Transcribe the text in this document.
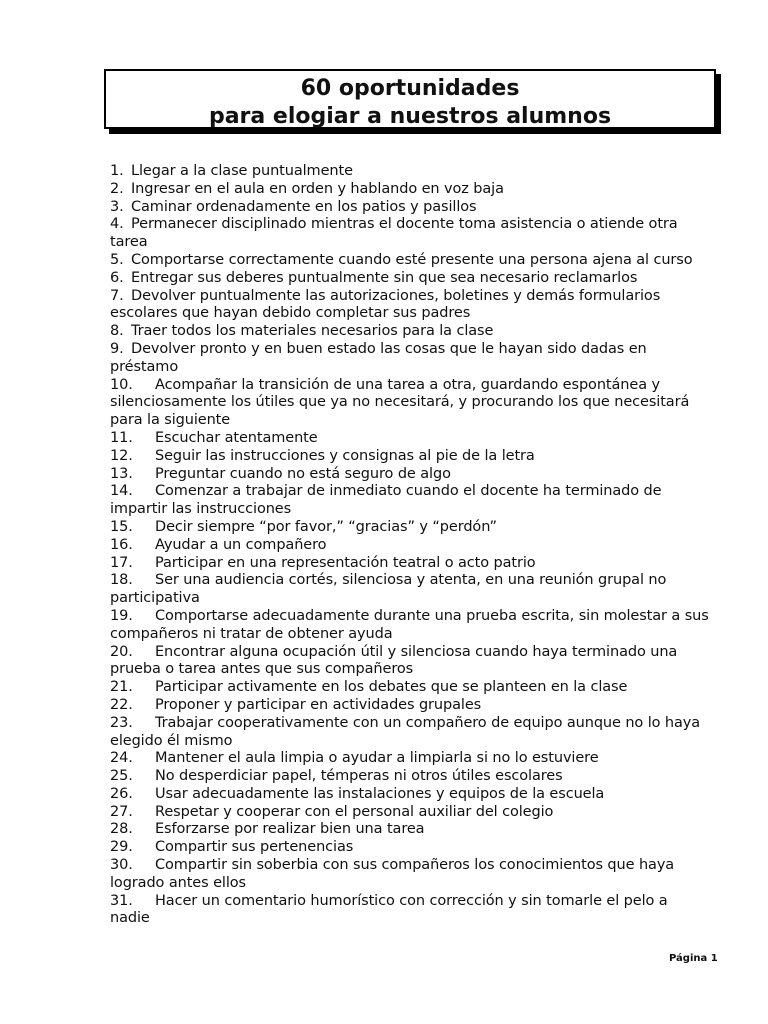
60 oportunidades
para elogiar a nuestros alumnos

1. Llegar a la clase puntualmente

2. Ingresar en el aula en orden y hablando en voz baja

3. Caminar ordenadamente en los patios y pasillos

4. Permanecer disciplinado mientras el docente toma asistencia o atiende otra tarea

5. Comportarse correctamente cuando esté presente una persona ajena al curso

6. Entregar sus deberes puntualmente sin que sea necesario reclamarlos

7. Devolver puntualmente las autorizaciones, boletines y demás formularios escolares que hayan debido completar sus padres

8. Traer todos los materiales necesarios para la clase

9. Devolver pronto y en buen estado las cosas que le hayan sido dadas en préstamo

10. Acompañar la transición de una tarea a otra, guardando espontánea y silenciosamente los útiles que ya no necesitará, y procurando los que necesitará para la siguiente

11. Escuchar atentamente

12. Seguir las instrucciones y consignas al pie de la letra

13. Preguntar cuando no está seguro de algo

14. Comenzar a trabajar de inmediato cuando el docente ha terminado de impartir las instrucciones

15. Decir siempre “por favor,” “gracias” y “perdón”

16. Ayudar a un compañero

17. Participar en una representación teatral o acto patrio

18. Ser una audiencia cortés, silenciosa y atenta, en una reunión grupal no participativa

19. Comportarse adecuadamente durante una prueba escrita, sin molestar a sus compañeros ni tratar de obtener ayuda

20. Encontrar alguna ocupación útil y silenciosa cuando haya terminado una prueba o tarea antes que sus compañeros

21. Participar activamente en los debates que se planteen en la clase

22. Proponer y participar en actividades grupales

23. Trabajar cooperativamente con un compañero de equipo aunque no lo haya elegido él mismo

24. Mantener el aula limpia o ayudar a limpiarla si no lo estuviere

25. No desperdiciar papel, témperas ni otros útiles escolares

26. Usar adecuadamente las instalaciones y equipos de la escuela

27. Respetar y cooperar con el personal auxiliar del colegio

28. Esforzarse por realizar bien una tarea

29. Compartir sus pertenencias

30. Compartir sin soberbia con sus compañeros los conocimientos que haya logrado antes ellos

31. Hacer un comentario humorístico con corrección y sin tomarle el pelo a nadie

Página 1
